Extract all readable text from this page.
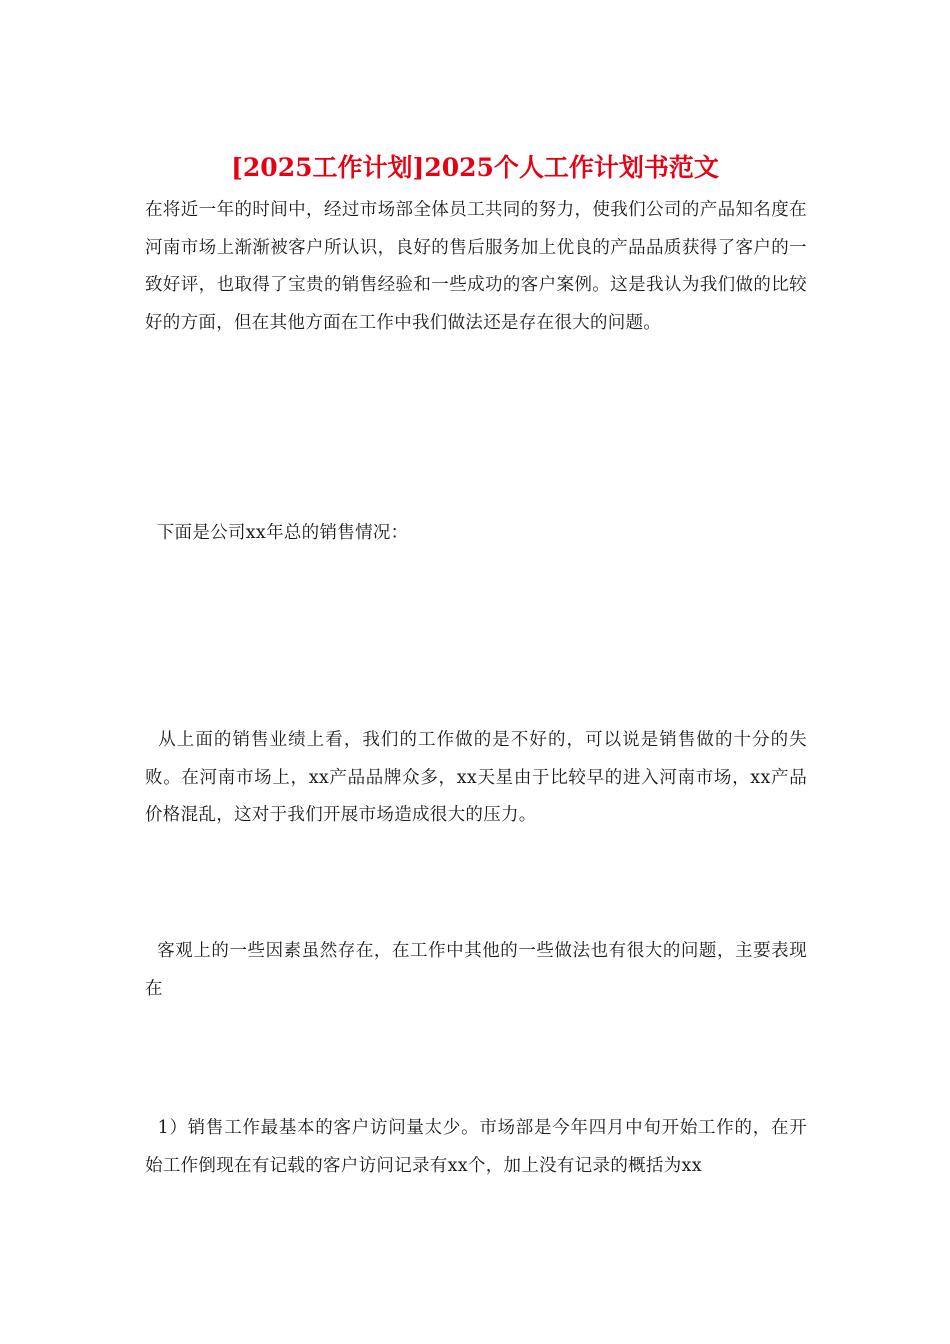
[2025工作计划]2025个人工作计划书范文

在将近一年的时间中，经过市场部全体员工共同的努力，使我们公司的产品知名度在河南市场上渐渐被客户所认识，良好的售后服务加上优良的产品品质获得了客户的一致好评，也取得了宝贵的销售经验和一些成功的客户案例。这是我认为我们做的比较好的方面，但在其他方面在工作中我们做法还是存在很大的问题。

下面是公司xx年总的销售情况：

从上面的销售业绩上看，我们的工作做的是不好的，可以说是销售做的十分的失败。在河南市场上，xx产品品牌众多，xx天星由于比较早的进入河南市场，xx产品价格混乱，这对于我们开展市场造成很大的压力。

客观上的一些因素虽然存在，在工作中其他的一些做法也有很大的问题，主要表现在

1）销售工作最基本的客户访问量太少。市场部是今年四月中旬开始工作的，在开始工作倒现在有记载的客户访问记录有xx个，加上没有记录的概括为xx
